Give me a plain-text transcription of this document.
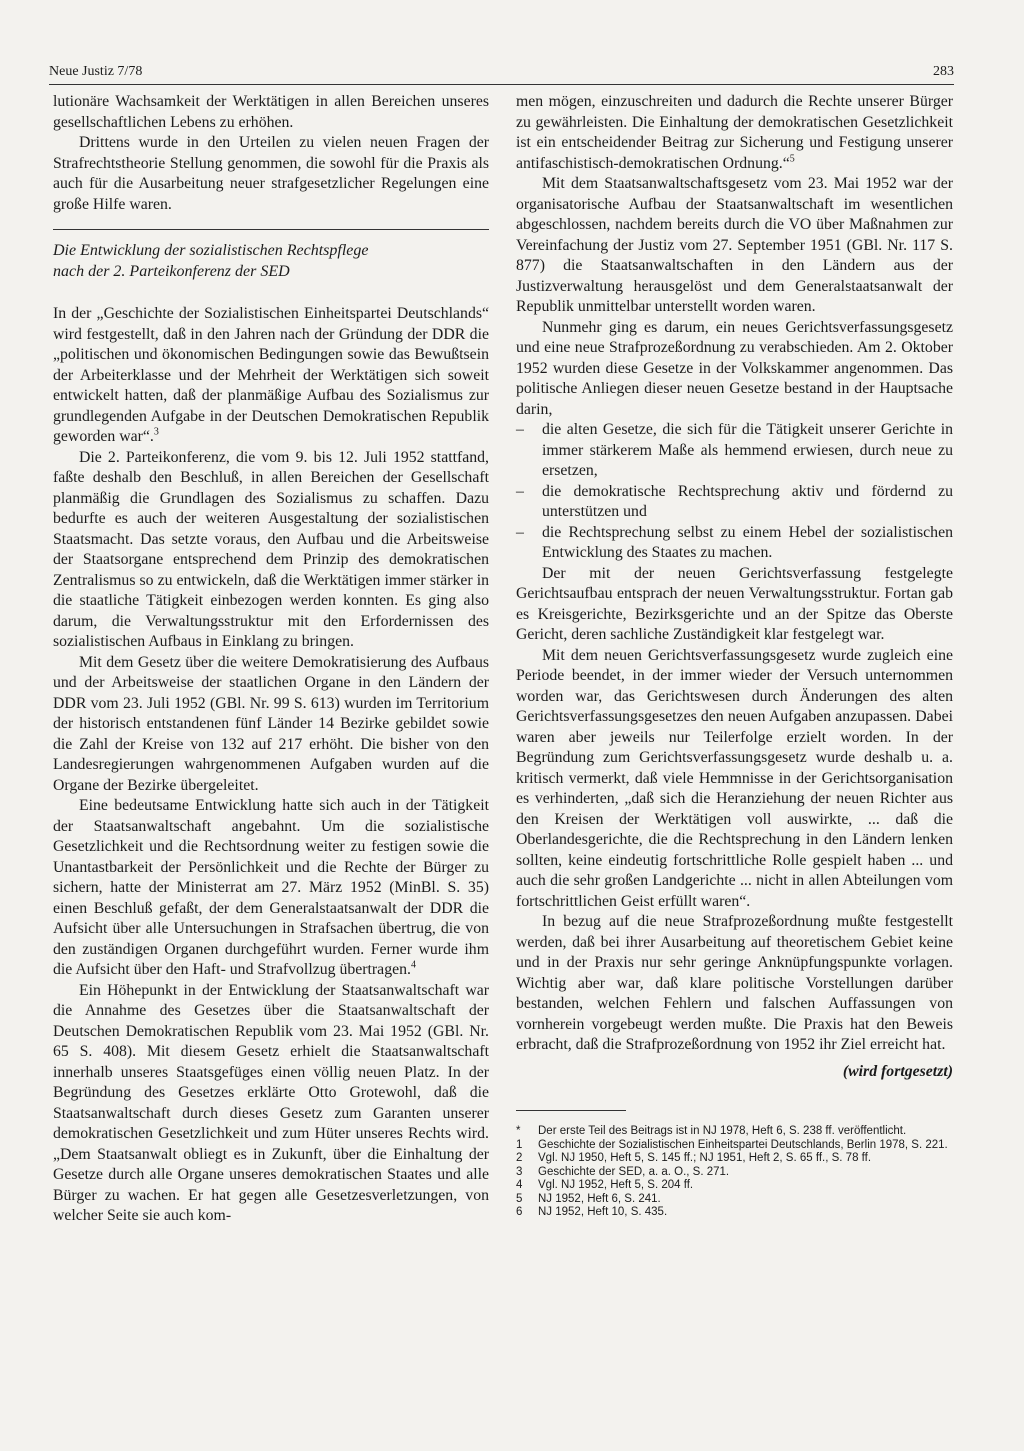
Neue Justiz 7/78	283

lutionäre Wachsamkeit der Werktätigen in allen Bereichen unseres gesellschaftlichen Lebens zu erhöhen.

Drittens wurde in den Urteilen zu vielen neuen Fragen der Strafrechtstheorie Stellung genommen, die sowohl für die Praxis als auch für die Ausarbeitung neuer strafgesetzlicher Regelungen eine große Hilfe waren.

Die Entwicklung der sozialistischen Rechtspflege
nach der 2. Parteikonferenz der SED

In der „Geschichte der Sozialistischen Einheitspartei Deutschlands“ wird festgestellt, daß in den Jahren nach der Gründung der DDR die „politischen und ökonomischen Bedingungen sowie das Bewußtsein der Arbeiterklasse und der Mehrheit der Werktätigen sich soweit entwickelt hatten, daß der planmäßige Aufbau des Sozialismus zur grundlegenden Aufgabe in der Deutschen Demokratischen Republik geworden war“.$^3$

Die 2. Parteikonferenz, die vom 9. bis 12. Juli 1952 stattfand, faßte deshalb den Beschluß, in allen Bereichen der Gesellschaft planmäßig die Grundlagen des Sozialismus zu schaffen. Dazu bedurfte es auch der weiteren Ausgestaltung der sozialistischen Staatsmacht. Das setzte voraus, den Aufbau und die Arbeitsweise der Staatsorgane entsprechend dem Prinzip des demokratischen Zentralismus so zu entwickeln, daß die Werktätigen immer stärker in die staatliche Tätigkeit einbezogen werden konnten. Es ging also darum, die Verwaltungsstruktur mit den Erfordernissen des sozialistischen Aufbaus in Einklang zu bringen.

Mit dem Gesetz über die weitere Demokratisierung des Aufbaus und der Arbeitsweise der staatlichen Organe in den Ländern der DDR vom 23. Juli 1952 (GBl. Nr. 99 S. 613) wurden im Territorium der historisch entstandenen fünf Länder 14 Bezirke gebildet sowie die Zahl der Kreise von 132 auf 217 erhöht. Die bisher von den Landesregierungen wahrgenommenen Aufgaben wurden auf die Organe der Bezirke übergeleitet.

Eine bedeutsame Entwicklung hatte sich auch in der Tätigkeit der Staatsanwaltschaft angebahnt. Um die sozialistische Gesetzlichkeit und die Rechtsordnung weiter zu festigen sowie die Unantastbarkeit der Persönlichkeit und die Rechte der Bürger zu sichern, hatte der Ministerrat am 27. März 1952 (MinBl. S. 35) einen Beschluß gefaßt, der dem Generalstaatsanwalt der DDR die Aufsicht über alle Untersuchungen in Strafsachen übertrug, die von den zuständigen Organen durchgeführt wurden. Ferner wurde ihm die Aufsicht über den Haft- und Strafvollzug übertragen.$^4$

Ein Höhepunkt in der Entwicklung der Staatsanwaltschaft war die Annahme des Gesetzes über die Staatsanwaltschaft der Deutschen Demokratischen Republik vom 23. Mai 1952 (GBl. Nr. 65 S. 408). Mit diesem Gesetz erhielt die Staatsanwaltschaft innerhalb unseres Staatsgefüges einen völlig neuen Platz. In der Begründung des Gesetzes erklärte Otto Grotewohl, daß die Staatsanwaltschaft durch dieses Gesetz zum Garanten unserer demokratischen Gesetzlichkeit und zum Hüter unseres Rechts wird. „Dem Staatsanwalt obliegt es in Zukunft, über die Einhaltung der Gesetze durch alle Organe unseres demokratischen Staates und alle Bürger zu wachen. Er hat gegen alle Gesetzesverletzungen, von welcher Seite sie auch kom-

men mögen, einzuschreiten und dadurch die Rechte unserer Bürger zu gewährleisten. Die Einhaltung der demokratischen Gesetzlichkeit ist ein entscheidender Beitrag zur Sicherung und Festigung unserer antifaschistisch-demokratischen Ordnung.“$^5$

Mit dem Staatsanwaltschaftsgesetz vom 23. Mai 1952 war der organisatorische Aufbau der Staatsanwaltschaft im wesentlichen abgeschlossen, nachdem bereits durch die VO über Maßnahmen zur Vereinfachung der Justiz vom 27. September 1951 (GBl. Nr. 117 S. 877) die Staatsanwaltschaften in den Ländern aus der Justizverwaltung herausgelöst und dem Generalstaatsanwalt der Republik unmittelbar unterstellt worden waren.

Nunmehr ging es darum, ein neues Gerichtsverfassungsgesetz und eine neue Strafprozeßordnung zu verabschieden. Am 2. Oktober 1952 wurden diese Gesetze in der Volkskammer angenommen. Das politische Anliegen dieser neuen Gesetze bestand in der Hauptsache darin,

– die alten Gesetze, die sich für die Tätigkeit unserer Gerichte in immer stärkerem Maße als hemmend erwiesen, durch neue zu ersetzen,
– die demokratische Rechtsprechung aktiv und fördernd zu unterstützen und
– die Rechtsprechung selbst zu einem Hebel der sozialistischen Entwicklung des Staates zu machen.

Der mit der neuen Gerichtsverfassung festgelegte Gerichtsaufbau entsprach der neuen Verwaltungsstruktur. Fortan gab es Kreisgerichte, Bezirksgerichte und an der Spitze das Oberste Gericht, deren sachliche Zuständigkeit klar festgelegt war.

Mit dem neuen Gerichtsverfassungsgesetz wurde zugleich eine Periode beendet, in der immer wieder der Versuch unternommen worden war, das Gerichtswesen durch Änderungen des alten Gerichtsverfassungsgesetzes den neuen Aufgaben anzupassen. Dabei waren aber jeweils nur Teilerfolge erzielt worden. In der Begründung zum Gerichtsverfassungsgesetz wurde deshalb u. a. kritisch vermerkt, daß viele Hemmnisse in der Gerichtsorganisation es verhinderten, „daß sich die Heranziehung der neuen Richter aus den Kreisen der Werktätigen voll auswirkte, ... daß die Oberlandesgerichte, die die Rechtsprechung in den Ländern lenken sollten, keine eindeutig fortschrittliche Rolle gespielt haben ... und auch die sehr großen Landgerichte ... nicht in allen Abteilungen vom fortschrittlichen Geist erfüllt waren“.

In bezug auf die neue Strafprozeßordnung mußte festgestellt werden, daß bei ihrer Ausarbeitung auf theoretischem Gebiet keine und in der Praxis nur sehr geringe Anknüpfungspunkte vorlagen. Wichtig aber war, daß klare politische Vorstellungen darüber bestanden, welchen Fehlern und falschen Auffassungen von vornherein vorgebeugt werden mußte. Die Praxis hat den Beweis erbracht, daß die Strafprozeßordnung von 1952 ihr Ziel erreicht hat.

(wird fortgesetzt)
*	Der erste Teil des Beitrags ist in NJ 1978, Heft 6, S. 238 ff. veröffentlicht.
1	Geschichte der Sozialistischen Einheitspartei Deutschlands, Berlin 1978, S. 221.
2	Vgl. NJ 1950, Heft 5, S. 145 ff.; NJ 1951, Heft 2, S. 65 ff., S. 78 ff.
3	Geschichte der SED, a. a. O., S. 271.
4	Vgl. NJ 1952, Heft 5, S. 204 ff.
5	NJ 1952, Heft 6, S. 241.
6	NJ 1952, Heft 10, S. 435.
